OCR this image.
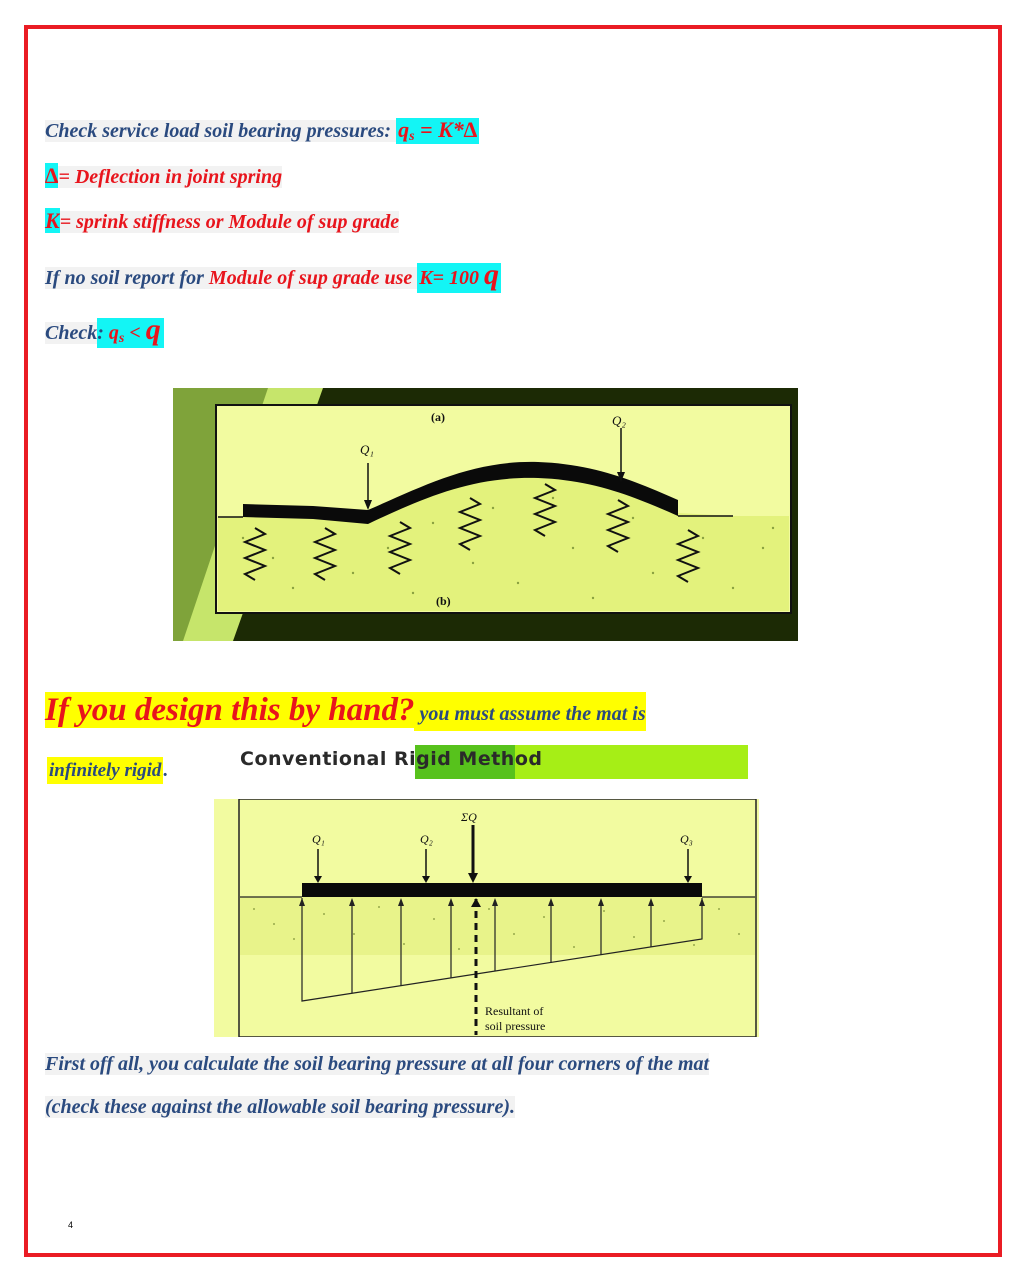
Check service load soil bearing pressures: $q_s = K*\Delta$
∆= Deflection in joint spring
K= sprink stiffness or Module of sup grade
If no soil report for Module of sup grade use K= 100 q
Check: $q_s < q$
Q₁
Q₂
(a)
(b)
If you design this by hand? you must assume the mat is
infinitely rigid .
Conventional Rigid Method
Q₁	Q₂	Q₃
ΣQ
Resultant of
soil pressure
First off all, you calculate the soil bearing pressure at all four corners of the mat
(check these against the allowable soil bearing pressure).
4
